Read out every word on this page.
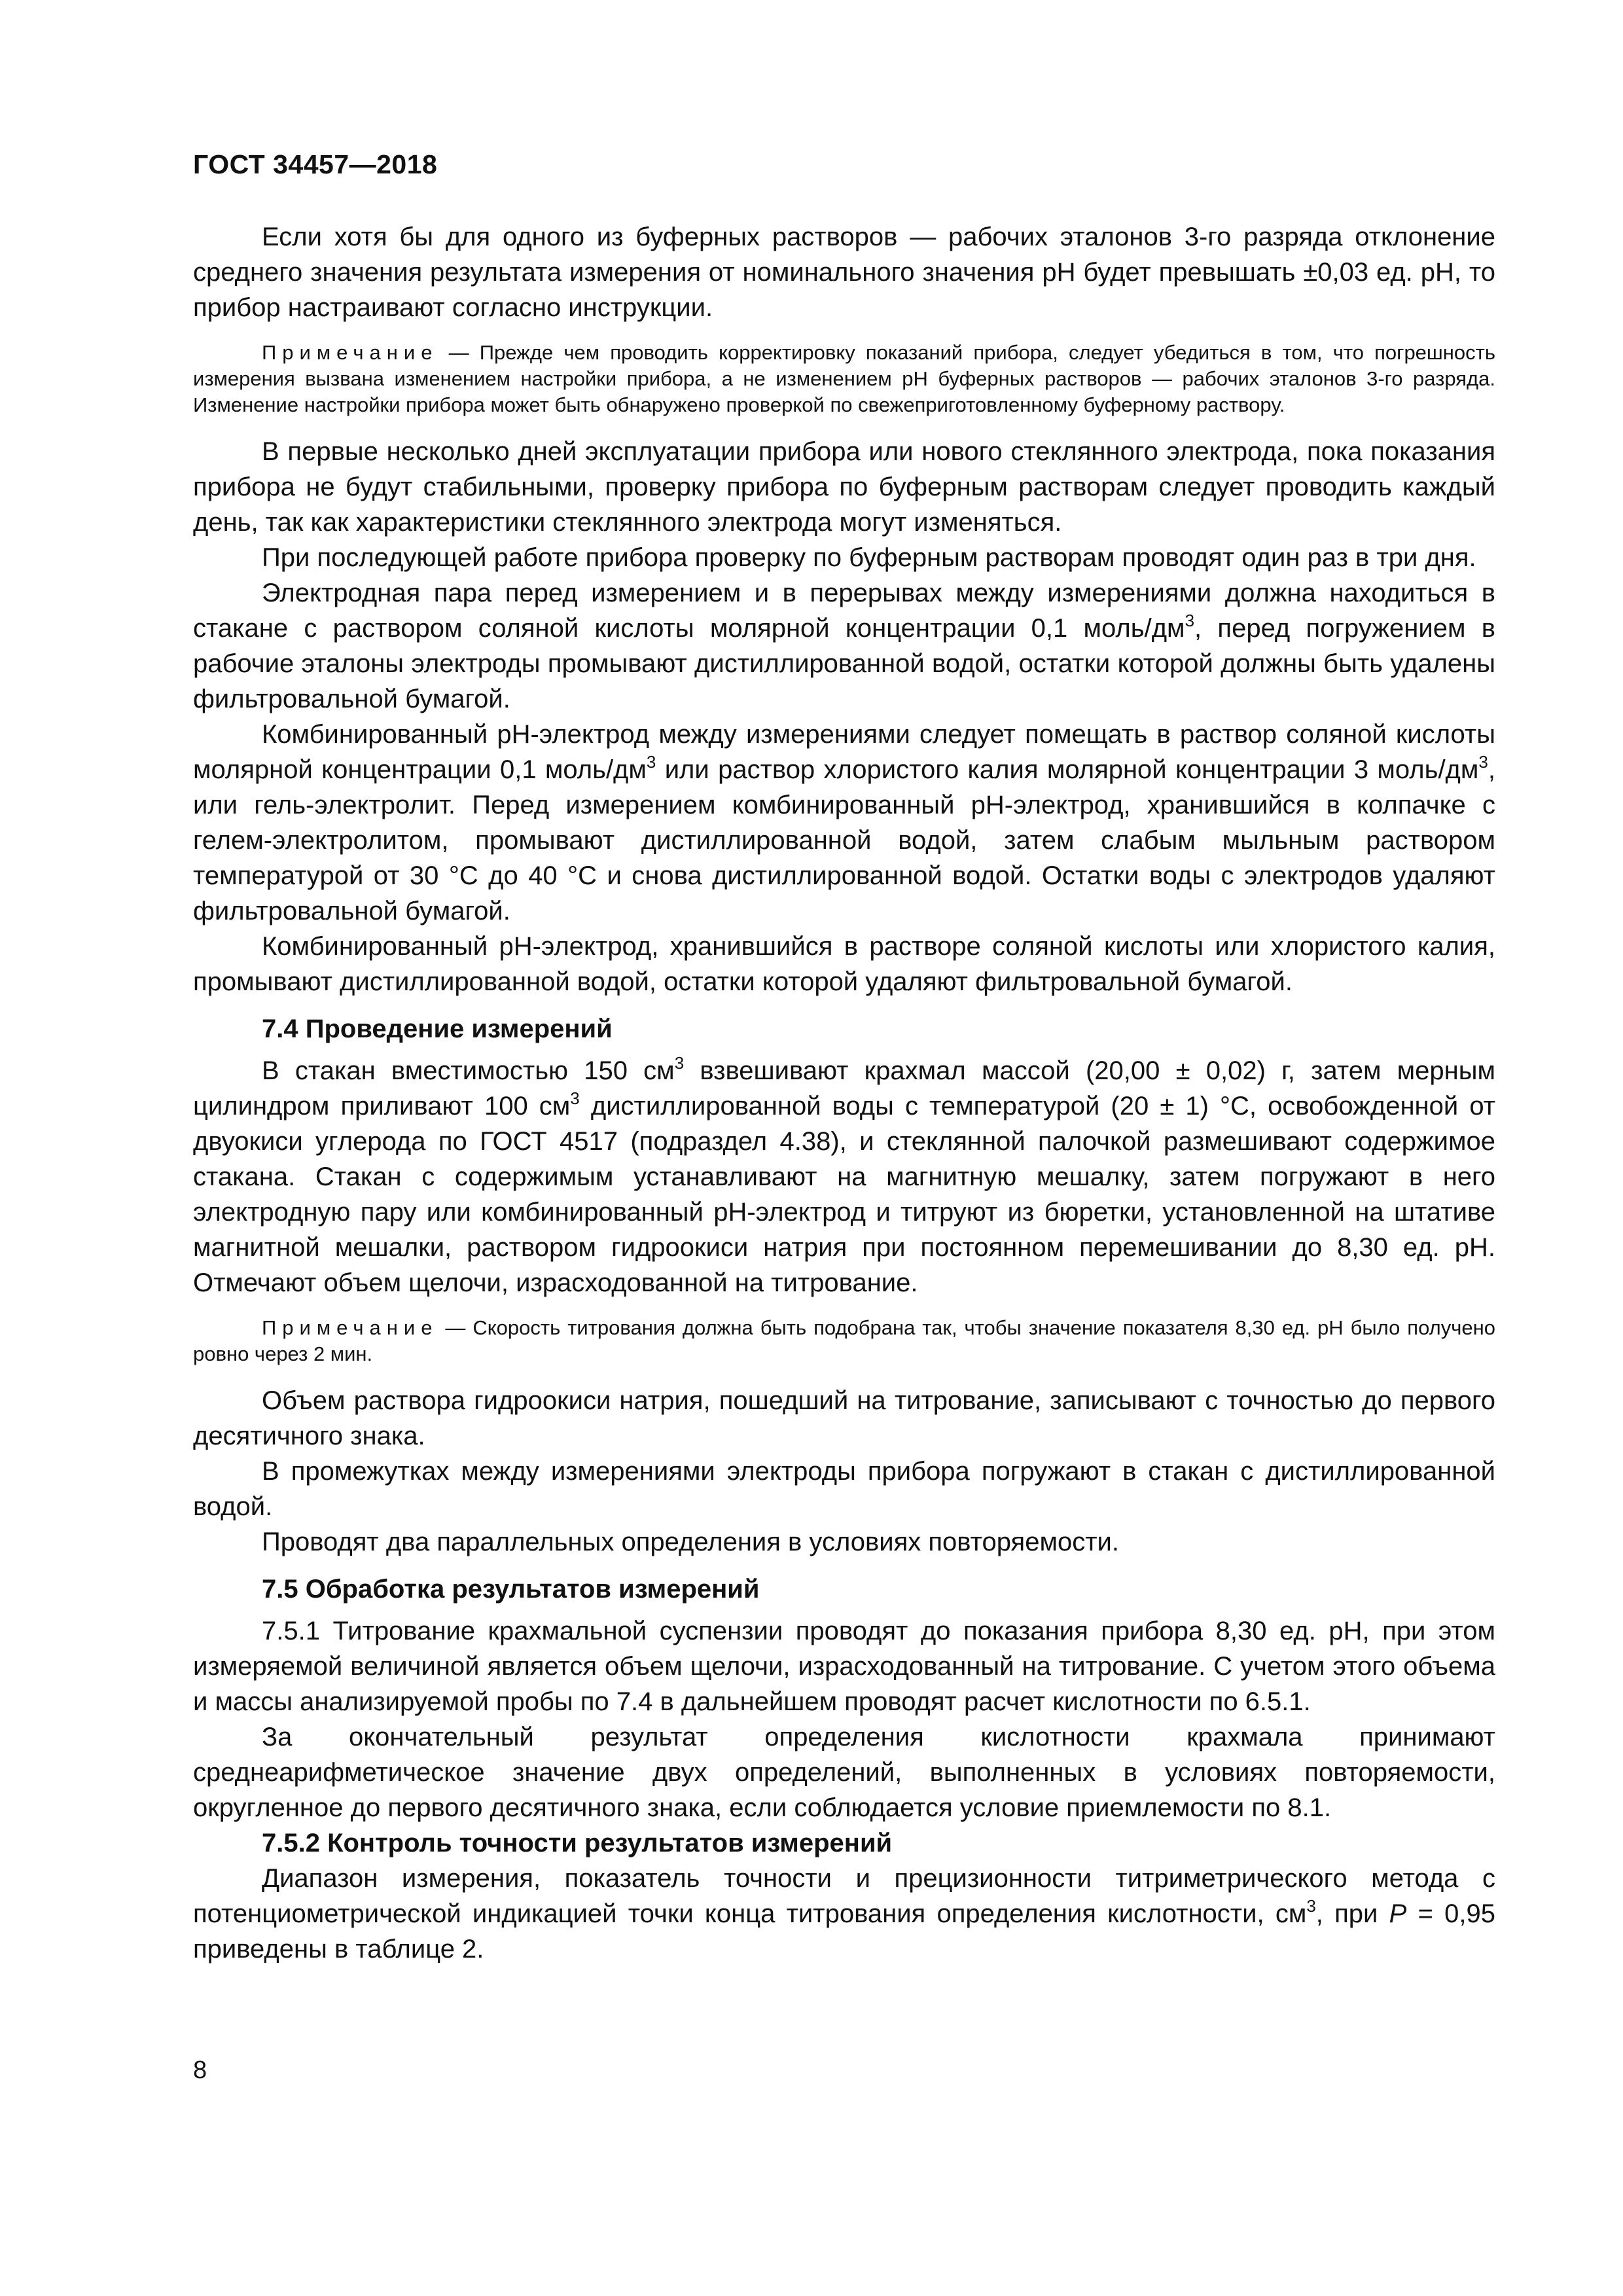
ГОСТ 34457—2018

Если хотя бы для одного из буферных растворов — рабочих эталонов 3-го разряда отклонение среднего значения результата измерения от номинального значения pH будет превышать ±0,03 ед. pH, то прибор настраивают согласно инструкции.

Примечание — Прежде чем проводить корректировку показаний прибора, следует убедиться в том, что погрешность измерения вызвана изменением настройки прибора, а не изменением pH буферных растворов — рабочих эталонов 3-го разряда. Изменение настройки прибора может быть обнаружено проверкой по свежеприготовленному буферному раствору.

В первые несколько дней эксплуатации прибора или нового стеклянного электрода, пока показания прибора не будут стабильными, проверку прибора по буферным растворам следует проводить каждый день, так как характеристики стеклянного электрода могут изменяться.

При последующей работе прибора проверку по буферным растворам проводят один раз в три дня.

Электродная пара перед измерением и в перерывах между измерениями должна находиться в стакане с раствором соляной кислоты молярной концентрации 0,1 моль/$дм^3$, перед погружением в рабочие эталоны электроды промывают дистиллированной водой, остатки которой должны быть удалены фильтровальной бумагой.

Комбинированный pH-электрод между измерениями следует помещать в раствор соляной кислоты молярной концентрации 0,1 моль/$дм^3$ или раствор хлористого калия молярной концентрации 3 моль/$дм^3$, или гель-электролит. Перед измерением комбинированный pH-электрод, хранившийся в колпачке с гелем-электролитом, промывают дистиллированной водой, затем слабым мыльным раствором температурой от 30 °C до 40 °C и снова дистиллированной водой. Остатки воды с электродов удаляют фильтровальной бумагой.

Комбинированный pH-электрод, хранившийся в растворе соляной кислоты или хлористого калия, промывают дистиллированной водой, остатки которой удаляют фильтровальной бумагой.

7.4 Проведение измерений

В стакан вместимостью 150 $см^3$ взвешивают крахмал массой (20,00 ± 0,02) г, затем мерным цилиндром приливают 100 $см^3$ дистиллированной воды с температурой (20 ± 1) °C, освобожденной от двуокиси углерода по ГОСТ 4517 (подраздел 4.38), и стеклянной палочкой размешивают содержимое стакана. Стакан с содержимым устанавливают на магнитную мешалку, затем погружают в него электродную пару или комбинированный pH-электрод и титруют из бюретки, установленной на штативе магнитной мешалки, раствором гидроокиси натрия при постоянном перемешивании до 8,30 ед. pH. Отмечают объем щелочи, израсходованной на титрование.

Примечание — Скорость титрования должна быть подобрана так, чтобы значение показателя 8,30 ед. pH было получено ровно через 2 мин.

Объем раствора гидроокиси натрия, пошедший на титрование, записывают с точностью до первого десятичного знака.

В промежутках между измерениями электроды прибора погружают в стакан с дистиллированной водой.

Проводят два параллельных определения в условиях повторяемости.

7.5 Обработка результатов измерений

7.5.1 Титрование крахмальной суспензии проводят до показания прибора 8,30 ед. pH, при этом измеряемой величиной является объем щелочи, израсходованный на титрование. С учетом этого объема и массы анализируемой пробы по 7.4 в дальнейшем проводят расчет кислотности по 6.5.1.

За окончательный результат определения кислотности крахмала принимают среднеарифметическое значение двух определений, выполненных в условиях повторяемости, округленное до первого десятичного знака, если соблюдается условие приемлемости по 8.1.

7.5.2 Контроль точности результатов измерений

Диапазон измерения, показатель точности и прецизионности титриметрического метода с потенциометрической индикацией точки конца титрования определения кислотности, $см^3$, при P = 0,95 приведены в таблице 2.

8
